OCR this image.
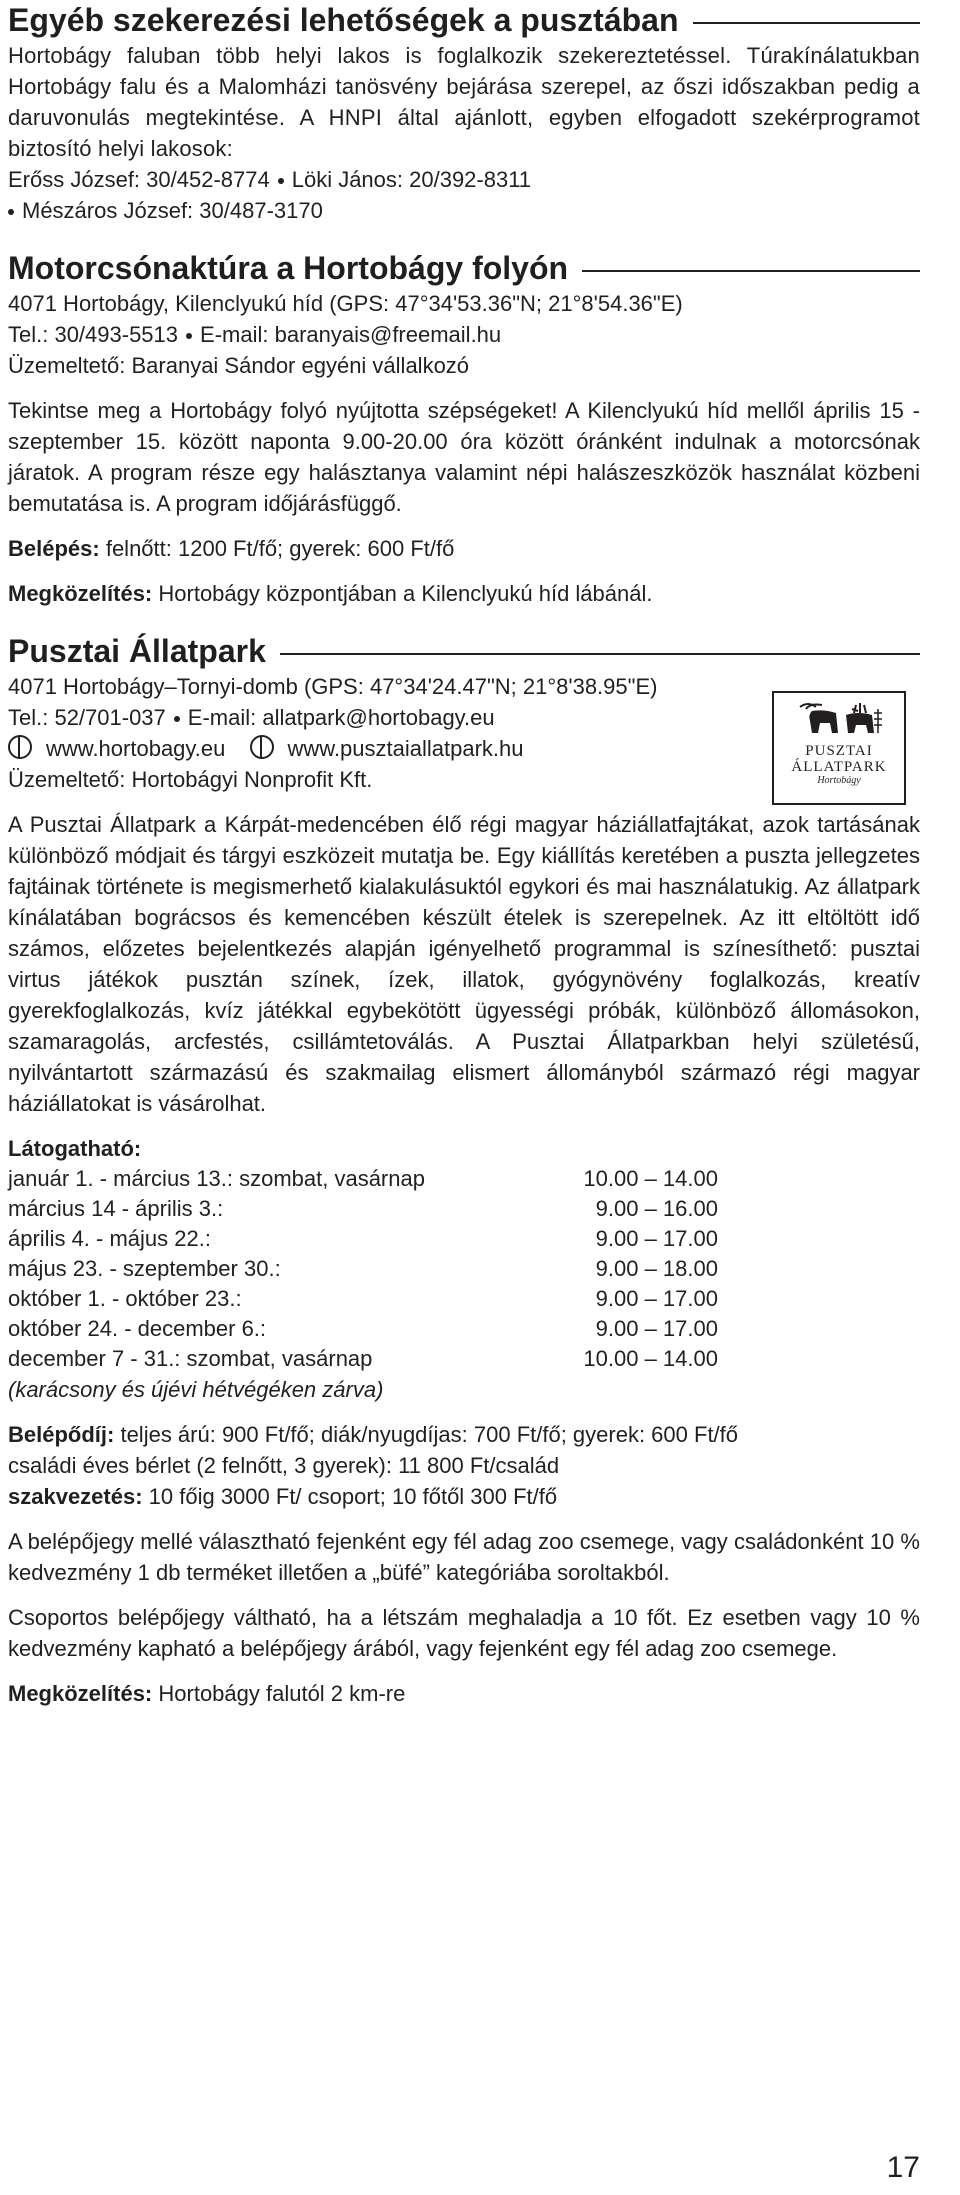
Egyéb szekerezési lehetőségek a pusztában

Hortobágy faluban több helyi lakos is foglalkozik szekereztetéssel. Túrakínálatukban Hortobágy falu és a Malomházi tanösvény bejárása szerepel, az őszi időszakban pedig a daruvonulás megtekintése. A HNPI által ajánlott, egyben elfogadott szekérprogramot biztosító helyi lakosok:

Erőss József: 30/452-8774 Löki János: 20/392-8311
Mészáros József: 30/487-3170

Motorcsónaktúra a Hortobágy folyón

4071 Hortobágy, Kilenclyukú híd (GPS: 47°34'53.36"N; 21°8'54.36"E)

Tel.: 30/493-5513 E-mail: baranyais@freemail.hu

Üzemeltető: Baranyai Sándor egyéni vállalkozó

Tekintse meg a Hortobágy folyó nyújtotta szépségeket! A Kilenclyukú híd mellől április 15 - szeptember 15. között naponta 9.00-20.00 óra között óránként indulnak a motorcsónak járatok. A program része egy halásztanya valamint népi halászeszközök használat közbeni bemutatása is. A program időjárásfüggő.

Belépés: felnőtt: 1200 Ft/fő; gyerek: 600 Ft/fő

Megközelítés: Hortobágy központjában a Kilenclyukú híd lábánál.

Pusztai Állatpark

4071 Hortobágy–Tornyi-domb (GPS: 47°34'24.47"N; 21°8'38.95"E)

Tel.: 52/701-037 E-mail: allatpark@hortobagy.eu

www.hortobagy.eu	www.pusztaiallatpark.hu

Üzemeltető: Hortobágyi Nonprofit Kft.

PUSZTAI
ÁLLATPARK
Hortobágy

A Pusztai Állatpark a Kárpát-medencében élő régi magyar háziállatfajtákat, azok tartásának különböző módjait és tárgyi eszközeit mutatja be. Egy kiállítás keretében a puszta jellegzetes fajtáinak története is megismerhető kialakulásuktól egykori és mai használatukig. Az állatpark kínálatában bográcsos és kemencében készült ételek is szerepelnek. Az itt eltöltött idő számos, előzetes bejelentkezés alapján igényelhető programmal is színesíthető: pusztai virtus játékok pusztán színek, ízek, illatok, gyógynövény foglalkozás, kreatív gyerekfoglalkozás, kvíz játékkal egybekötött ügyességi próbák, különböző állomásokon, szamaragolás, arcfestés, csillámtetoválás. A Pusztai Állatparkban helyi születésű, nyilvántartott származású és szakmailag elismert állományból származó régi magyar háziállatokat is vásárolhat.

Látogatható:

január 1. - március 13.: szombat, vasárnap	10.00 – 14.00
március 14 - április 3.:	9.00 – 16.00
április 4. - május 22.:	9.00 – 17.00
május 23. - szeptember 30.:	9.00 – 18.00
október 1. - október 23.:	9.00 – 17.00
október 24. - december 6.:	9.00 – 17.00
december 7 - 31.: szombat, vasárnap	10.00 – 14.00

(karácsony és újévi hétvégéken zárva)

Belépődíj: teljes árú: 900 Ft/fő; diák/nyugdíjas: 700 Ft/fő; gyerek: 600 Ft/fő

családi éves bérlet (2 felnőtt, 3 gyerek): 11 800 Ft/család

szakvezetés: 10 főig 3000 Ft/ csoport; 10 főtől 300 Ft/fő

A belépőjegy mellé választható fejenként egy fél adag zoo csemege, vagy családonként 10 % kedvezmény 1 db terméket illetően a „büfé” kategóriába soroltakból.

Csoportos belépőjegy váltható, ha a létszám meghaladja a 10 főt. Ez esetben vagy 10 % kedvezmény kapható a belépőjegy árából, vagy fejenként egy fél adag zoo csemege.

Megközelítés: Hortobágy falutól 2 km-re

17
